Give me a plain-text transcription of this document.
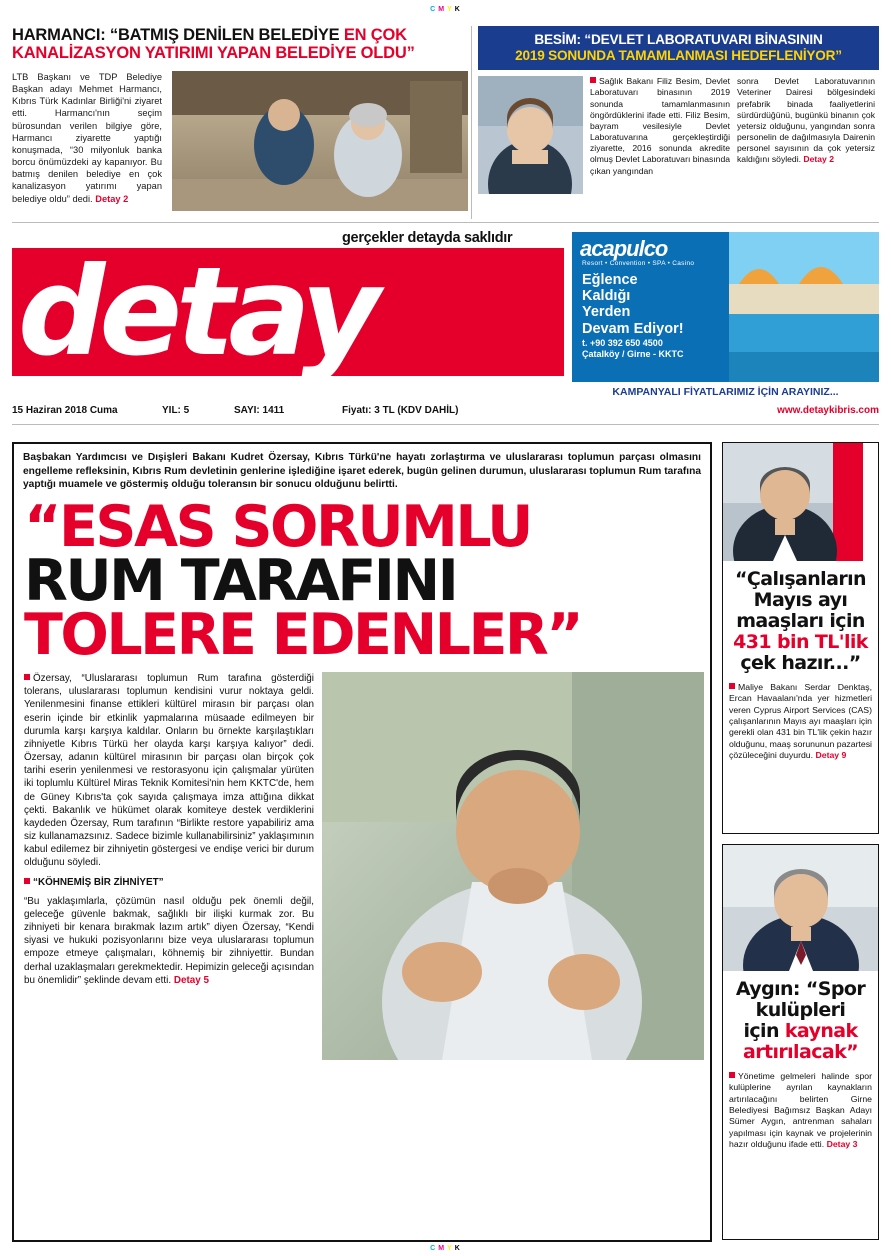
C M Y K
HARMANCI: “BATMIŞ DENİLEN BELEDİYE EN ÇOK
KANALİZASYON YATIRIMI YAPAN BELEDİYE OLDU”
LTB Başkanı ve TDP Belediye Başkan adayı Mehmet Harmancı, Kıbrıs Türk Kadınlar Birliği'ni ziyaret etti. Harmancı'nın seçim bürosundan verilen bilgiye göre, Harmancı ziyarette yaptığı konuşmada, “30 milyonluk banka borcu önümüzdeki ay kapanıyor. Bu batmış denilen belediye en çok kanalizasyon yatırımı yapan belediye oldu” dedi. Detay 2
BESİM: “DEVLET LABORATUVARI BİNASININ
2019 SONUNDA TAMAMLANMASI HEDEFLENİYOR”
Sağlık Bakanı Filiz Besim, Devlet Laboratuvarı binasının 2019 sonunda tamamlanmasının öngördüklerini ifade etti. Filiz Besim, bayram vesilesiyle Devlet Laboratuvarına gerçekleştirdiği ziyarette, 2016 sonunda akredite olmuş Devlet Laboratuvarı binasında çıkan yangından
sonra Devlet Laboratuvarının Veteriner Dairesi bölgesindeki prefabrik binada faaliyetlerini sürdürdüğünü, bugünkü binanın çok yetersiz olduğunu, yangından sonra personelin de dağılmasıyla Dairenin personel sayısının da çok yetersiz kaldığını söyledi. Detay 2
gerçekler detayda saklıdır
detay	acapulco
Resort • Convention • SPA • Casino
Eğlence
Kaldığı
Yerden
Devam Ediyor!
t. +90 392 650 4500
Çatalköy / Girne - KKTC
KAMPANYALI FİYATLARIMIZ İÇİN ARAYINIZ...
15 Haziran 2018 Cuma	YIL: 5	SAYI: 1411	Fiyatı: 3 TL (KDV DAHİL)	www.detaykibris.com
Başbakan Yardımcısı ve Dışişleri Bakanı Kudret Özersay, Kıbrıs Türkü'ne hayatı zorlaştırma ve uluslararası toplumun parçası olmasını engelleme refleksinin, Kıbrıs Rum devletinin genlerine işlediğine işaret ederek, bugün gelinen durumun, uluslararası toplumun Rum tarafına yaptığı muamele ve göstermiş olduğu toleransın bir sonucu olduğunu belirtti.
“ESAS SORUMLU
RUM TARAFINI
TOLERE EDENLER”

Özersay, “Uluslararası toplumun Rum tarafına gösterdiği tolerans, uluslararası toplumun kendisini vurur noktaya geldi. Yenilenmesini finanse ettikleri kültürel mirasın bir parçası olan eserin içinde bir etkinlik yapmalarına müsaade edilmeyen bir durumla karşı karşıya kaldılar. Onların bu örnekte karşılaştıkları zihniyetle Kıbrıs Türkü her olayda karşı karşıya kalıyor” dedi. Özersay, adanın kültürel mirasının bir parçası olan birçok çok tarihi eserin yenilenmesi ve restorasyonu için çalışmalar yürüten iki toplumlu Kültürel Miras Teknik Komitesi'nin hem KKTC'de, hem de Güney Kıbrıs'ta çok sayıda çalışmaya imza attığına dikkat çekti. Bakanlık ve hükümet olarak komiteye destek verdiklerini kaydeden Özersay, Rum tarafının “Birlikte restore yapabiliriz ama siz kullanamazsınız. Sadece bizimle kullanabilirsiniz” yaklaşımının kabul edilemez bir zihniyetin göstergesi ve endişe verici bir durum olduğunu söyledi.

“KÖHNEMİŞ BİR ZİHNİYET”

“Bu yaklaşımlarla, çözümün nasıl olduğu pek önemli değil, geleceğe güvenle bakmak, sağlıklı bir ilişki kurmak zor. Bu zihniyeti bir kenara bırakmak lazım artık” diyen Özersay, “Kendi siyasi ve hukuki pozisyonlarını bize veya uluslararası toplumun empoze etmeye çalışmaları, köhnemiş bir zihniyettir. Bundan derhal uzaklaşmaları gerekmektedir. Hepimizin geleceği açısından bu önemlidir” şeklinde devam etti. Detay 5

“Çalışanların
Mayıs ayı
maaşları için
431 bin TL'lik
çek hazır...”
Maliye Bakanı Serdar Denktaş, Ercan Havaalanı'nda yer hizmetleri veren Cyprus Airport Services (CAS) çalışanlarının Mayıs ayı maaşları için gerekli olan 431 bin TL'lik çekin hazır olduğunu, maaş sorununun pazartesi çözüleceğini duyurdu. Detay 9
Aygın: “Spor
kulüpleri
için kaynak
artırılacak”
Yönetime gelmeleri halinde spor kulüplerine ayrılan kaynakların artırılacağını belirten Girne Belediyesi Bağımsız Başkan Adayı Sümer Aygın, antrenman sahaları yapılması için kaynak ve projelerinin hazır olduğunu ifade etti. Detay 3
C M Y K
